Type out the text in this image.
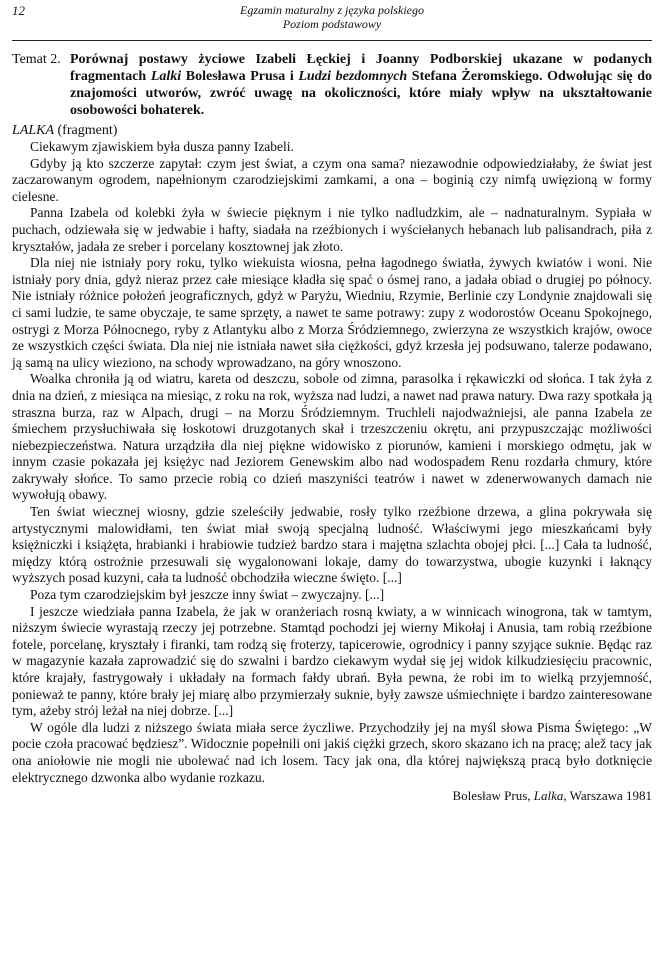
12	Egzamin maturalny z języka polskiego
Poziom podstawowy
Temat 2. Porównaj postawy życiowe Izabeli Łęckiej i Joanny Podborskiej ukazane w podanych fragmentach Lalki Bolesława Prusa i Ludzi bezdomnych Stefana Żeromskiego. Odwołując się do znajomości utworów, zwróć uwagę na okoliczności, które miały wpływ na ukształtowanie osobowości bohaterek.
LALKA (fragment)

Ciekawym zjawiskiem była dusza panny Izabeli.

Gdyby ją kto szczerze zapytał: czym jest świat, a czym ona sama? niezawodnie odpowiedziałaby, że świat jest zaczarowanym ogrodem, napełnionym czarodziejskimi zamkami, a ona – boginią czy nimfą uwięzioną w formy cielesne.

Panna Izabela od kolebki żyła w świecie pięknym i nie tylko nadludzkim, ale – nadnaturalnym. Sypiała w puchach, odziewała się w jedwabie i hafty, siadała na rzeźbionych i wyściełanych hebanach lub palisandrach, piła z kryształów, jadała ze sreber i porcelany kosztownej jak złoto.

Dla niej nie istniały pory roku, tylko wiekuista wiosna, pełna łagodnego światła, żywych kwiatów i woni. Nie istniały pory dnia, gdyż nieraz przez całe miesiące kładła się spać o ósmej rano, a jadała obiad o drugiej po północy. Nie istniały różnice położeń jeograficznych, gdyż w Paryżu, Wiedniu, Rzymie, Berlinie czy Londynie znajdowali się ci sami ludzie, te same obyczaje, te same sprzęty, a nawet te same potrawy: zupy z wodorostów Oceanu Spokojnego, ostrygi z Morza Północnego, ryby z Atlantyku albo z Morza Śródziemnego, zwierzyna ze wszystkich krajów, owoce ze wszystkich części świata. Dla niej nie istniała nawet siła ciężkości, gdyż krzesła jej podsuwano, talerze podawano, ją samą na ulicy wieziono, na schody wprowadzano, na góry wnoszono.

Woalka chroniła ją od wiatru, kareta od deszczu, sobole od zimna, parasolka i rękawiczki od słońca. I tak żyła z dnia na dzień, z miesiąca na miesiąc, z roku na rok, wyższa nad ludzi, a nawet nad prawa natury. Dwa razy spotkała ją straszna burza, raz w Alpach, drugi – na Morzu Śródziemnym. Truchleli najodważniejsi, ale panna Izabela ze śmiechem przysłuchiwała się łoskotowi druzgotanych skał i trzeszczeniu okrętu, ani przypuszczając możliwości niebezpieczeństwa. Natura urządziła dla niej piękne widowisko z piorunów, kamieni i morskiego odmętu, jak w innym czasie pokazała jej księżyc nad Jeziorem Genewskim albo nad wodospadem Renu rozdarła chmury, które zakrywały słońce. To samo przecie robią co dzień maszyniści teatrów i nawet w zdenerwowanych damach nie wywołują obawy.

Ten świat wiecznej wiosny, gdzie szeleściły jedwabie, rosły tylko rzeźbione drzewa, a glina pokrywała się artystycznymi malowidłami, ten świat miał swoją specjalną ludność. Właściwymi jego mieszkańcami były księżniczki i książęta, hrabianki i hrabiowie tudzież bardzo stara i majętna szlachta obojej płci. [...] Cała ta ludność, między którą ostrożnie przesuwali się wygalonowani lokaje, damy do towarzystwa, ubogie kuzynki i łaknący wyższych posad kuzyni, cała ta ludność obchodziła wieczne święto. [...]

Poza tym czarodziejskim był jeszcze inny świat – zwyczajny. [...]

I jeszcze wiedziała panna Izabela, że jak w oranżeriach rosną kwiaty, a w winnicach winogrona, tak w tamtym, niższym świecie wyrastają rzeczy jej potrzebne. Stamtąd pochodzi jej wierny Mikołaj i Anusia, tam robią rzeźbione fotele, porcelanę, kryształy i firanki, tam rodzą się froterzy, tapicerowie, ogrodnicy i panny szyjące suknie. Będąc raz w magazynie kazała zaprowadzić się do szwalni i bardzo ciekawym wydał się jej widok kilkudziesięciu pracownic, które krajały, fastrygowały i układały na formach fałdy ubrań. Była pewna, że robi im to wielką przyjemność, ponieważ te panny, które brały jej miarę albo przymierzały suknie, były zawsze uśmiechnięte i bardzo zainteresowane tym, ażeby strój leżał na niej dobrze. [...]

W ogóle dla ludzi z niższego świata miała serce życzliwe. Przychodziły jej na myśl słowa Pisma Świętego: „W pocie czoła pracować będziesz”. Widocznie popełnili oni jakiś ciężki grzech, skoro skazano ich na pracę; alež tacy jak ona aniołowie nie mogli nie ubolewać nad ich losem. Tacy jak ona, dla której największą pracą było dotknięcie elektrycznego dzwonka albo wydanie rozkazu.

Bolesław Prus, Lalka, Warszawa 1981
